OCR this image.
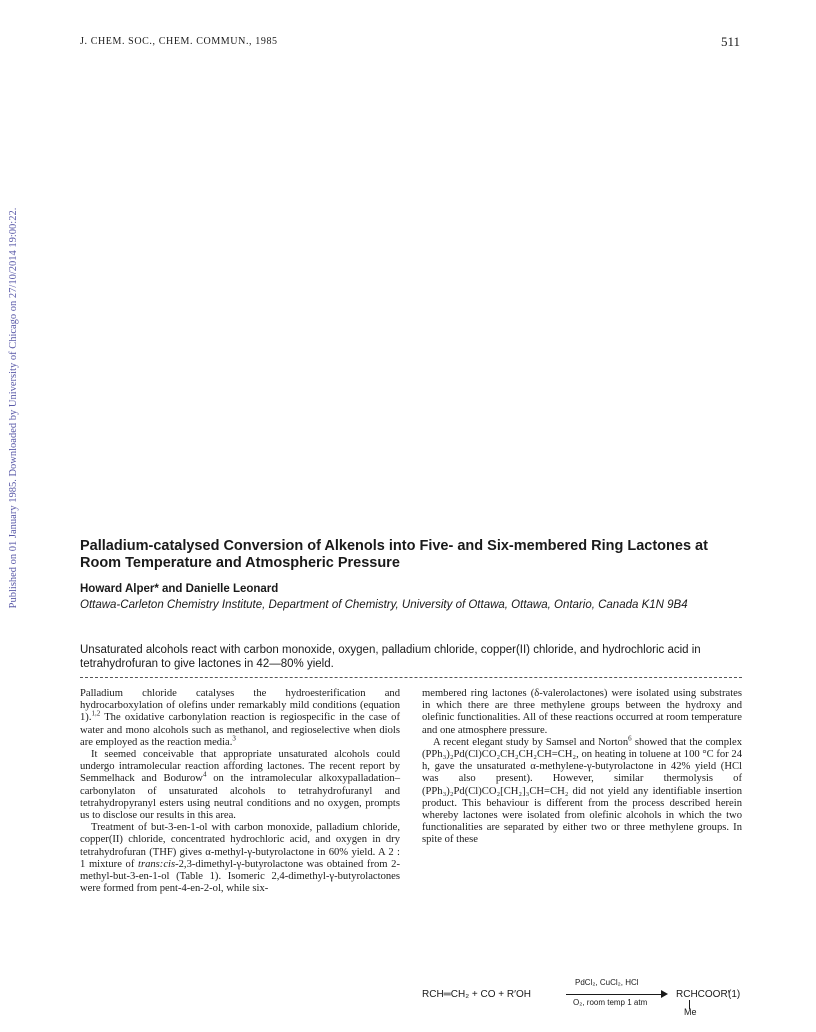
J. CHEM. SOC., CHEM. COMMUN., 1985	511
Published on 01 January 1985. Downloaded by University of Chicago on 27/10/2014 19:00:22.	Palladium-catalysed Conversion of Alkenols into Five- and Six-membered Ring Lactones at Room Temperature and Atmospheric Pressure
Howard Alper* and Danielle Leonard
Ottawa-Carleton Chemistry Institute, Department of Chemistry, University of Ottawa, Ottawa, Ontario, Canada K1N 9B4
Unsaturated alcohols react with carbon monoxide, oxygen, palladium chloride, copper(II) chloride, and hydrochloric acid in tetrahydrofuran to give lactones in 42—80% yield.

Palladium chloride catalyses the hydroesterification and hydrocarboxylation of olefins under remarkably mild conditions (equation 1).$^{1,2}$ The oxidative carbonylation reaction is regiospecific in the case of water and mono alcohols such as methanol, and regioselective when diols are employed as the reaction media.$^3$

It seemed conceivable that appropriate unsaturated alcohols could undergo intramolecular reaction affording lactones. The recent report by Semmelhack and Bodurow$^4$ on the intramolecular alkoxypalladation–carbonylaton of unsaturated alcohols to tetrahydrofuranyl and tetrahydropyranyl esters using neutral conditions and no oxygen, prompts us to disclose our results in this area.

Treatment of but-3-en-1-ol with carbon monoxide, palladium chloride, copper(II) chloride, concentrated hydrochloric acid, and oxygen in dry tetrahydrofuran (THF) gives α-methyl-γ-butyrolactone in 60% yield. A 2 : 1 mixture of trans:cis-2,3-dimethyl-γ-butyrolactone was obtained from 2-methyl-but-3-en-1-ol (Table 1). Isomeric 2,4-dimethyl-γ-butyrolactones were formed from pent-4-en-2-ol, while six-

membered ring lactones (δ-valerolactones) were isolated using substrates in which there are three methylene groups between the hydroxy and olefinic functionalities. All of these reactions occurred at room temperature and one atmosphere pressure.

A recent elegant study by Samsel and Norton$^6$ showed that the complex (PPh₃)₂Pd(Cl)CO₂CH₂CH₂CH=CH₂, on heating in toluene at 100 °C for 24 h, gave the unsaturated α-methylene-γ-butyrolactone in 42% yield (HCl was also present). However, similar thermolysis of (PPh₃)₂Pd(Cl)CO₂[CH₂]₃CH=CH₂ did not yield any identifiable insertion product. This behaviour is different from the process described herein whereby lactones were isolated from olefinic alcohols in which the two functionalities are separated by either two or three methylene groups. In spite of these

RCH═CH₂ + CO + R′OH
PdCl₂, CuCl₂, HCl
O₂, room temp 1 atm
RCHCOOR′
(1)
Me
